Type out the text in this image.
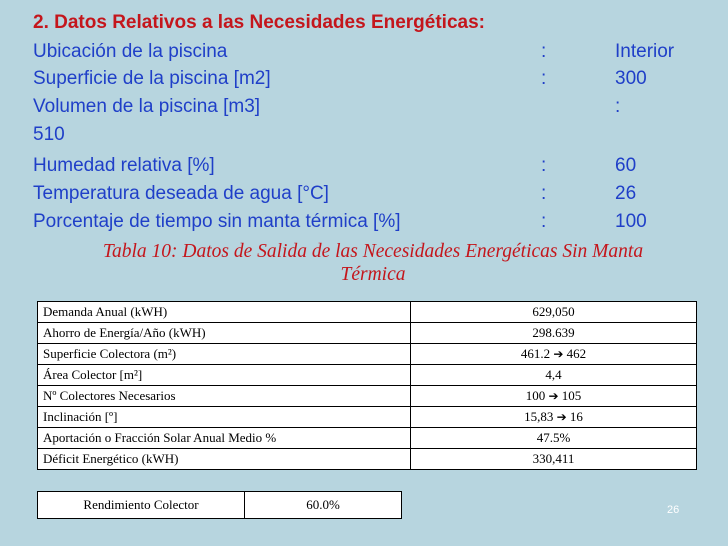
2. Datos Relativos a las Necesidades Energéticas:
Ubicación de la piscina	:	Interior
Superficie de la piscina [m2]	:	300
Volumen de la piscina [m3]	:
510
Humedad relativa [%]	:	60
Temperatura deseada de agua [°C]	:	26
Porcentaje de tiempo sin manta térmica [%]	:	100
Tabla 10: Datos de Salida de las Necesidades Energéticas Sin Manta
Térmica
Demanda Anual (kWH)	629,050
Ahorro de Energía/Año (kWH)	298.639
Superficie Colectora (m²)	461.2 ➔ 462
Área Colector [m²]	4,4
Nº Colectores Necesarios	100 ➔ 105
Inclinación [º]	15,83 ➔ 16
Aportación o Fracción Solar Anual Medio %	47.5%
Déficit Energético (kWH)	330,411
Rendimiento Colector	60.0%	26
